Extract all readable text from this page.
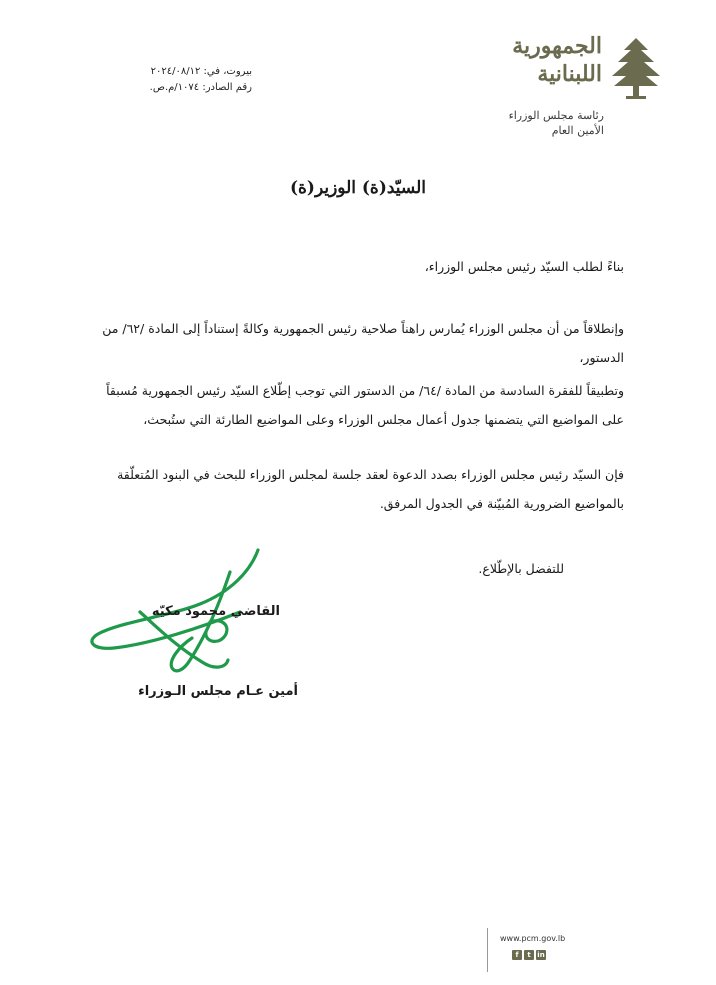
الجمهورية
اللبنانية
رئاسة مجلس الوزراء
الأمين العام
بيروت، في: ٢٠٢٤/٠٨/١٢
رقم الصادر: ١٠٧٤/م.ص.
السيّد(ة) الوزير(ة)
بناءً لطلب السيّد رئيس مجلس الوزراء،
وإنطلاقاً من أن مجلس الوزراء يُمارس راهناً صلاحية رئيس الجمهورية وكالةً إستناداً إلى المادة /٦٢/ من الدستور،
وتطبيقاً للفقرة السادسة من المادة /٦٤/ من الدستور التي توجب إطّلاع السيّد رئيس الجمهورية مُسبقاً على المواضيع التي يتضمنها جدول أعمال مجلس الوزراء وعلى المواضيع الطارئة التي ستُبحث،
فإن السيّد رئيس مجلس الوزراء بصدد الدعوة لعقد جلسة لمجلس الوزراء للبحث في البنود المُتعلّقة بالمواضيع الضرورية المُبيّنة في الجدول المرفق.
للتفضل بالإطّلاع.
القاضي محمود مكيّه
أمين عـام مجلس الـوزراء
www.pcm.gov.lb
f	t in
